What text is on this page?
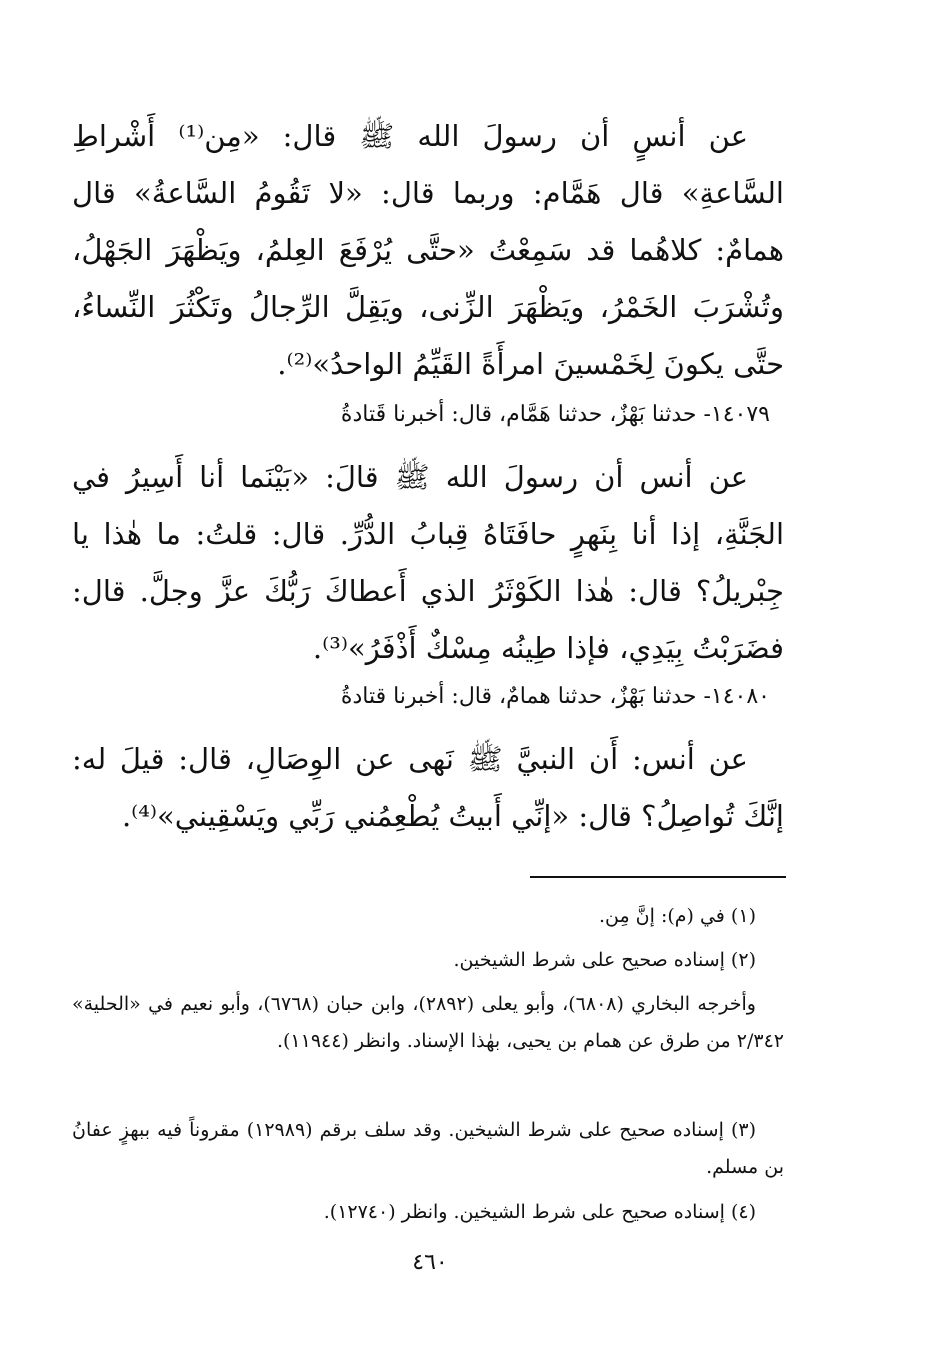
عن أنسٍ أن رسولَ الله ﷺ قال: «مِن⁽¹⁾ أَشْراطِ السَّاعةِ» قال هَمَّام: وربما قال: «لا تَقُومُ السَّاعةُ» قال همامٌ: كلاهُما قد سَمِعْتُ «حتَّى يُرْفَعَ العِلمُ، ويَظْهَرَ الجَهْلُ، وتُشْرَبَ الخَمْرُ، ويَظْهَرَ الزِّنى، ويَقِلَّ الرِّجالُ وتَكْثُرَ النِّساءُ، حتَّى يكونَ لِخَمْسينَ امرأَةً القَيِّمُ الواحدُ»⁽²⁾.
١٤٠٧٩- حدثنا بَهْزٌ، حدثنا هَمَّام، قال: أخبرنا قَتادةُ
عن أنس أن رسولَ الله ﷺ قالَ: «بَيْنَما أنا أَسِيرُ في الجَنَّةِ، إذا أنا بِنَهرٍ حافَتَاهُ قِبابُ الدُّرِّ. قال: قلتُ: ما هٰذا يا جِبْريلُ؟ قال: هٰذا الكَوْثَرُ الذي أَعطاكَ رَبُّكَ عزَّ وجلَّ. قال: فضَرَبْتُ بِيَدِي، فإذا طِينُه مِسْكٌ أَذْفَرُ»⁽³⁾.
١٤٠٨٠- حدثنا بَهْزٌ، حدثنا همامٌ، قال: أخبرنا قتادةُ
عن أنس: أَن النبيَّ ﷺ نَهى عن الوِصَالِ، قال: قيلَ له: إنَّكَ تُواصِلُ؟ قال: «إنِّي أَبيتُ يُطْعِمُني رَبِّي ويَسْقِيني»⁽⁴⁾.
(١) في (م): إنَّ مِن.
(٢) إسناده صحيح على شرط الشيخين.
وأخرجه البخاري (٦٨٠٨)، وأبو يعلى (٢٨٩٢)، وابن حبان (٦٧٦٨)، وأبو نعيم في «الحلية» ٢/٣٤٢ من طرق عن همام بن يحيى، بهٰذا الإسناد. وانظر (١١٩٤٤).
(٣) إسناده صحيح على شرط الشيخين. وقد سلف برقم (١٢٩٨٩) مقروناً فيه ببهزٍ عفانُ بن مسلم.
(٤) إسناده صحيح على شرط الشيخين. وانظر (١٢٧٤٠).
٤٦٠
